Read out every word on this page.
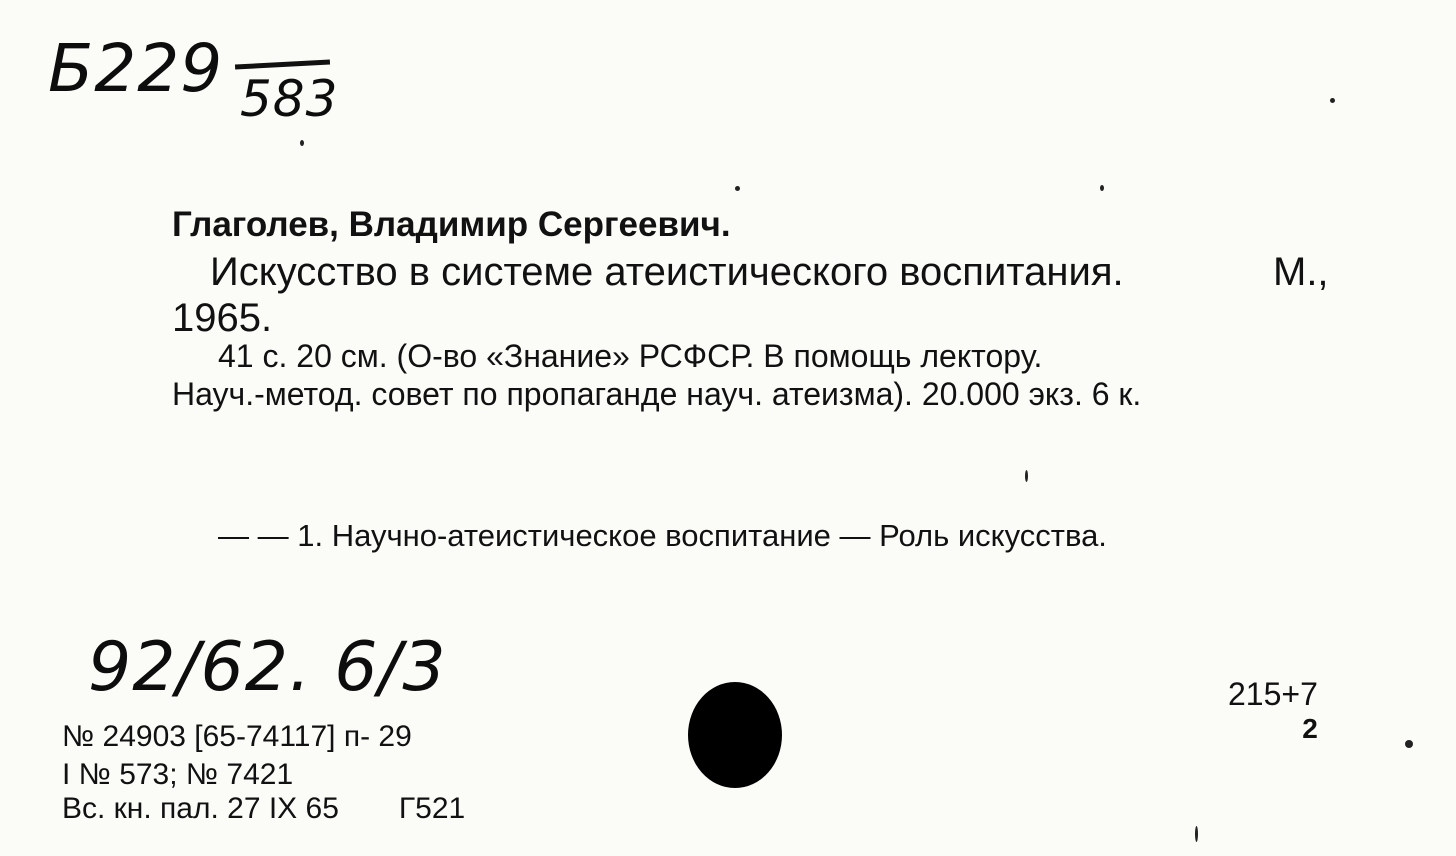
Б229 583
Глаголев, Владимир Сергеевич.
Искусство в системе атеистического воспитания.	М.,
1965.
41 с. 20 см. (О-во «Знание» РСФСР. В помощь лектору.
Науч.-метод. совет по пропаганде науч. атеизма). 20.000 экз. 6 к.
— — 1. Научно-атеистическое воспитание — Роль искусства.
92/62. 6/3
№ 24903 [65-74117] п- 29
I № 573; № 7421
Вс. кн. пал. 27 IX 65 Г521
215+7
2
